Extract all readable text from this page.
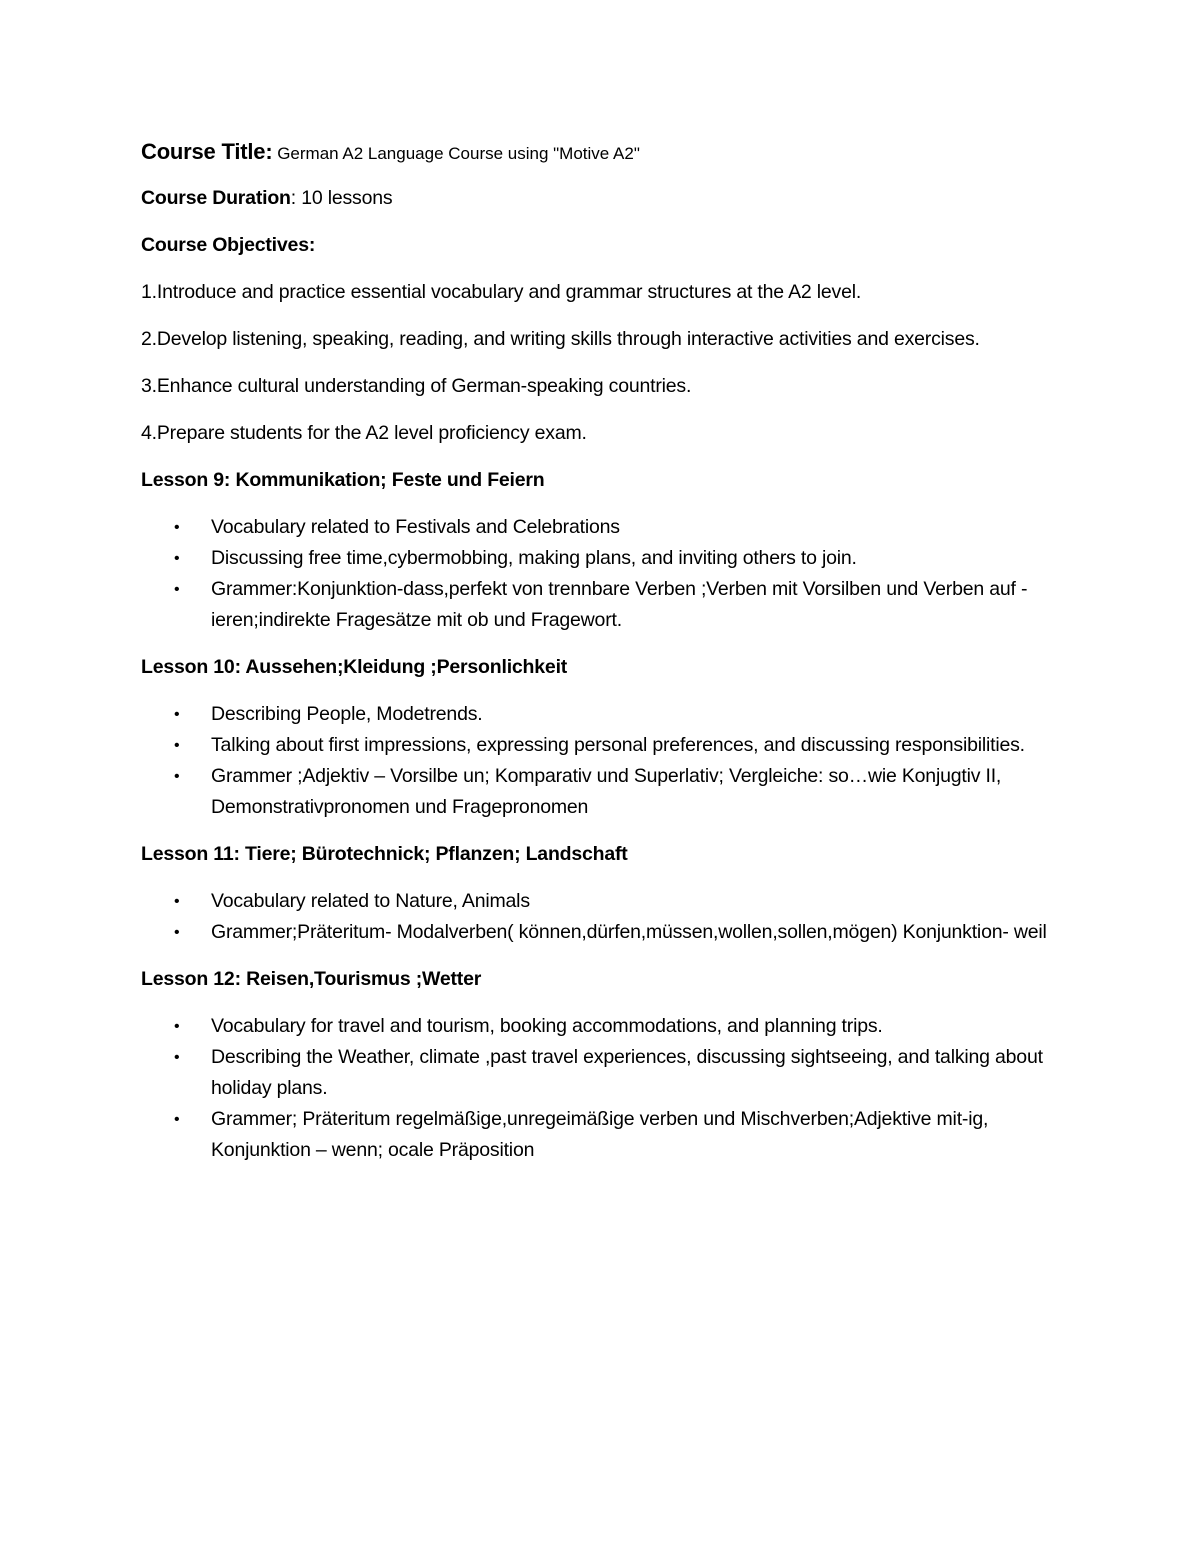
Course Title: German A2 Language Course using "Motive A2"

Course Duration: 10 lessons

Course Objectives:

1.Introduce and practice essential vocabulary and grammar structures at the A2 level.

2.Develop listening, speaking, reading, and writing skills through interactive activities and exercises.

3.Enhance cultural understanding of German-speaking countries.

4.Prepare students for the A2 level proficiency exam.

Lesson 9: Kommunikation; Feste und Feiern

• Vocabulary related to Festivals and Celebrations
• Discussing free time,cybermobbing, making plans, and inviting others to join.
• Grammer:Konjunktion-dass,perfekt von trennbare Verben ;Verben mit Vorsilben und Verben auf -ieren;indirekte Fragesätze mit ob und Fragewort.

Lesson 10: Aussehen;Kleidung ;Personlichkeit

• Describing People, Modetrends.
• Talking about first impressions, expressing personal preferences, and discussing responsibilities.
• Grammer ;Adjektiv – Vorsilbe un; Komparativ und Superlativ; Vergleiche: so…wie Konjugtiv II, Demonstrativpronomen und Fragepronomen

Lesson 11: Tiere; Bürotechnick; Pflanzen; Landschaft

• Vocabulary related to Nature, Animals
• Grammer;Präteritum- Modalverben( können,dürfen,müssen,wollen,sollen,mögen) Konjunktion- weil

Lesson 12: Reisen,Tourismus ;Wetter

• Vocabulary for travel and tourism, booking accommodations, and planning trips.
• Describing the Weather, climate ,past travel experiences, discussing sightseeing, and talking about holiday plans.
• Grammer; Präteritum regelmäßige,unregeimäßige verben und Mischverben;Adjektive mit-ig, Konjunktion – wenn; ocale Präposition
